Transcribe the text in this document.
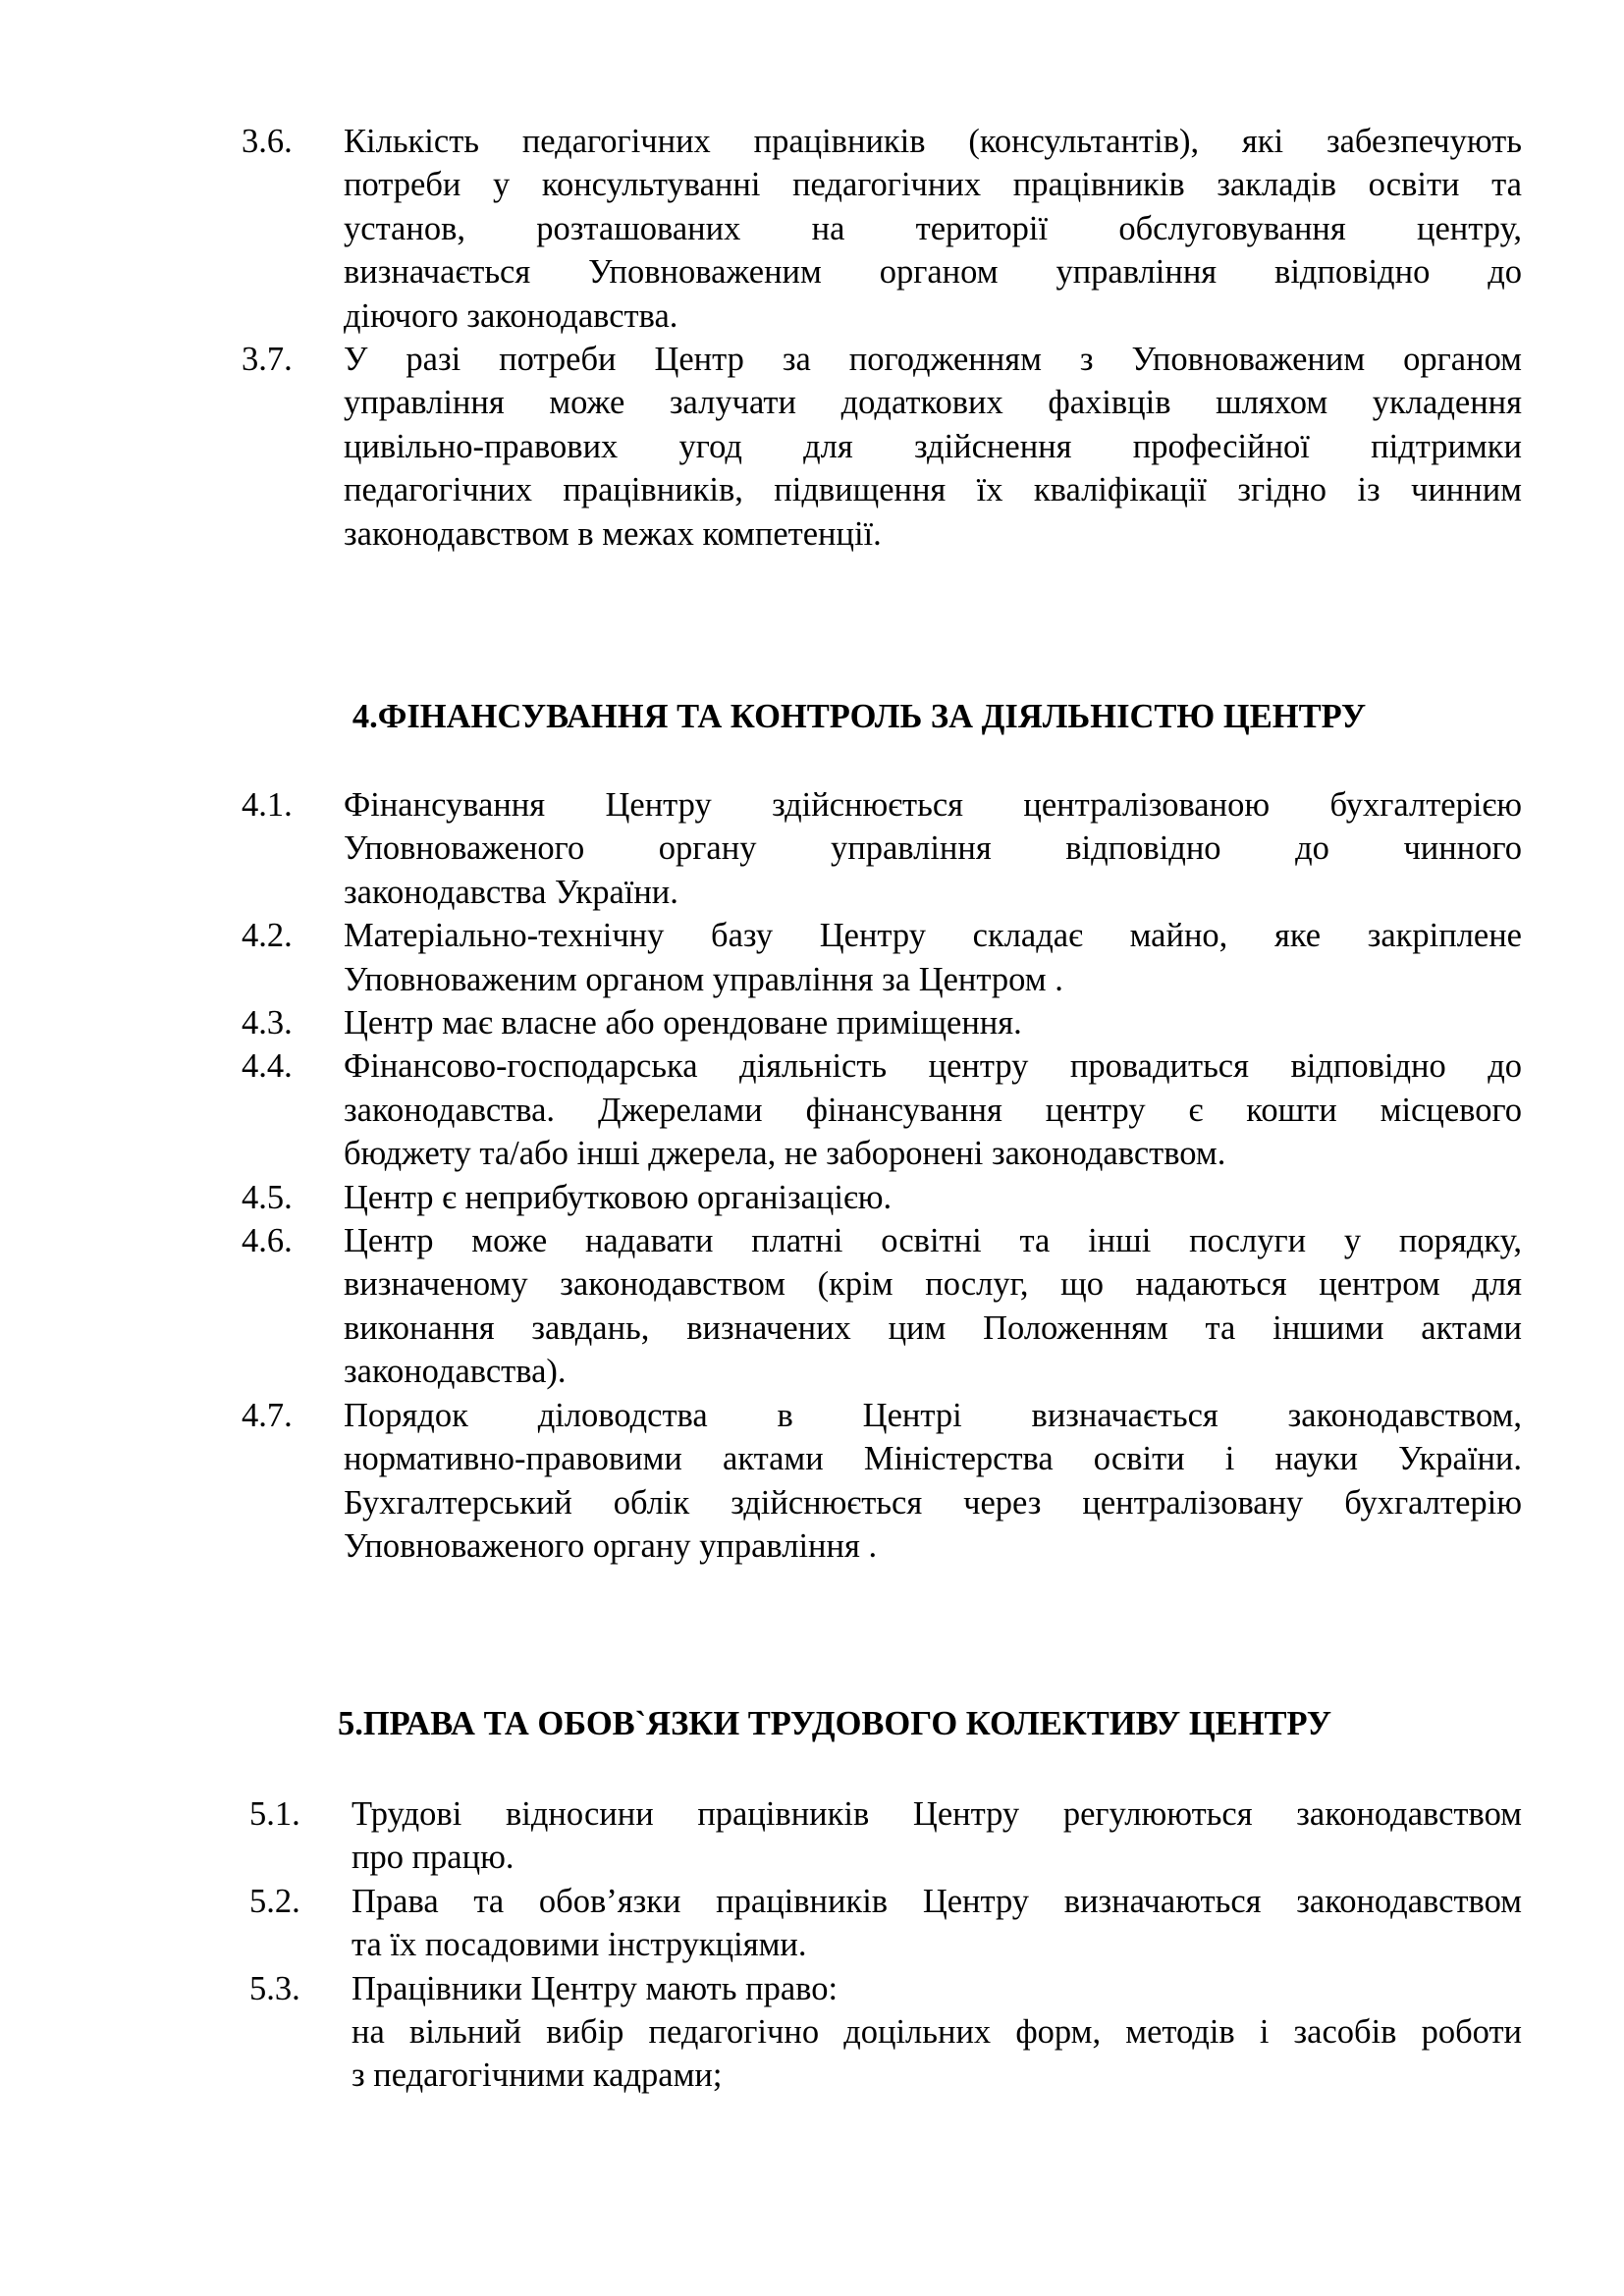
3.6.	Кількість педагогічних працівників (консультантів), які забезпечують
потреби у консультуванні педагогічних працівників закладів освіти та
установ, розташованих на території обслуговування центру,
визначається Уповноваженим органом управління відповідно до
діючого законодавства.
3.7.	У разі потреби Центр за погодженням з Уповноваженим органом
управління може залучати додаткових фахівців шляхом укладення
цивільно-правових угод для здійснення професійної підтримки
педагогічних працівників, підвищення їх кваліфікації згідно із чинним
законодавством в межах компетенції.
4.ФІНАНСУВАННЯ ТА КОНТРОЛЬ ЗА ДІЯЛЬНІСТЮ ЦЕНТРУ
4.1.	Фінансування Центру здійснюється централізованою бухгалтерією
Уповноваженого органу управління відповідно до чинного
законодавства України.
4.2.	Матеріально-технічну базу Центру складає майно, яке закріплене
Уповноваженим органом управління за Центром .
4.3.	Центр має власне або орендоване приміщення.
4.4.	Фінансово-господарська діяльність центру провадиться відповідно до
законодавства. Джерелами фінансування центру є кошти місцевого
бюджету та/або інші джерела, не заборонені законодавством.
4.5.	Центр є неприбутковою організацією.
4.6.	Центр може надавати платні освітні та інші послуги у порядку,
визначеному законодавством (крім послуг, що надаються центром для
виконання завдань, визначених цим Положенням та іншими актами
законодавства).
4.7.	Порядок діловодства в Центрі визначається законодавством,
нормативно-правовими актами Міністерства освіти і науки України.
Бухгалтерський облік здійснюється через централізовану бухгалтерію
Уповноваженого органу управління .
5.ПРАВА ТА ОБОВ`ЯЗКИ ТРУДОВОГО КОЛЕКТИВУ ЦЕНТРУ
5.1.	Трудові відносини працівників Центру регулюються законодавством
про працю.
5.2.	Права та обов’язки працівників Центру визначаються законодавством
та їх посадовими інструкціями.
5.3.	Працівники Центру мають право:
на вільний вибір педагогічно доцільних форм, методів і засобів роботи
з педагогічними кадрами;
